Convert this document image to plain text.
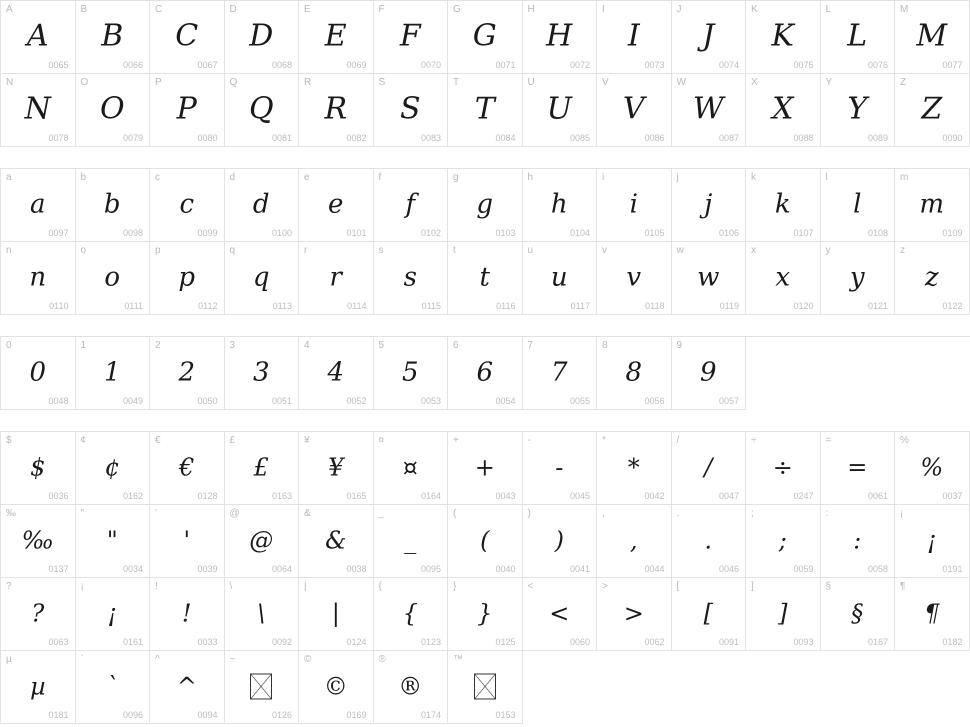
A
A
0065
B
B
0066
C
C
0067
D
D
0068
E
E
0069
F
F
0070
G
G
0071
H
H
0072
I
I
0073
J
J
0074
K
K
0075
L
L
0076
M
M
0077
N
N
0078
O
O
0079
P
P
0080
Q
Q
0081
R
R
0082
S
S
0083
T
T
0084
U
U
0085
V
V
0086
W
W
0087
X
X
0088
Y
Y
0089
Z
Z
0090
a
a
0097
b
b
0098
c
c
0099
d
d
0100
e
e
0101
f
f
0102
g
g
0103
h
h
0104
i
i
0105
j
j
0106
k
k
0107
l
l
0108
m
m
0109
n
n
0110
o
o
0111
p
p
0112
q
q
0113
r
r
0114
s
s
0115
t
t
0116
u
u
0117
v
v
0118
w
w
0119
x
x
0120
y
y
0121
z
z
0122
0
0
0048
1
1
0049
2
2
0050
3
3
0051
4
4
0052
5
5
0053
6
6
0054
7
7
0055
8
8
0056
9
9
0057
$
$
0036
¢
¢
0162
€
€
0128
£
£
0163
¥
¥
0165
¤
¤
0164
+
+
0043
-
-
0045
*
*
0042
/
/
0047
÷
÷
0247
=
=
0061
%
%
0037
‰
‰
0137
"
"
0034
'
'
0039
@
@
0064
&
&
0038
_
_
0095
(
(
0040
)
)
0041
,
,
0044
.
.
0046
;
;
0059
:
:
0058
¡
¡
0191
?
?
0063
¡
¡
0161
!
!
0033
\
\
0092
|
|
0124
{
{
0123
}
}
0125
<
<
0060
>
>
0062
[
[
0091
]
]
0093
§
§
0167
¶
¶
0182
µ
µ
0181
`
`
0096
^
^
0094
~
0126
©
©
0169
®
®
0174
™
0153
